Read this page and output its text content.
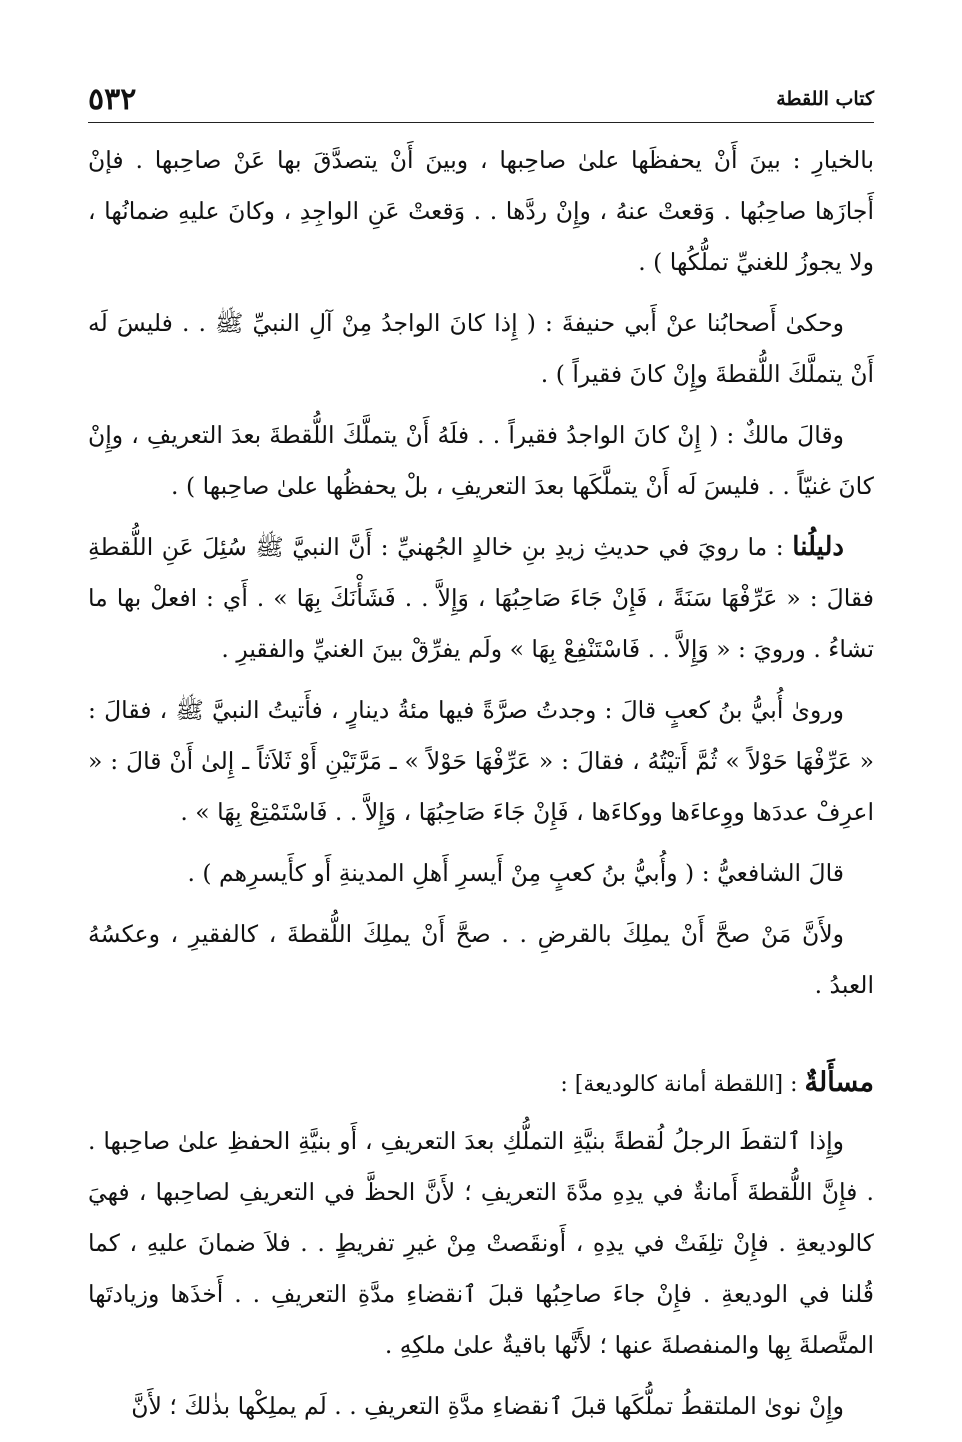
كتاب اللقطة
٥٣٢

بالخيارِ : بينَ أَنْ يحفظَها علىٰ صاحِبها ، وبينَ أَنْ يتصدَّقَ بها عَنْ صاحِبها . فإنْ أَجازَها صاحِبُها . وَقعتْ عنهُ ، وإِنْ ردَّها . . وَقعتْ عَنِ الواجِدِ ، وكانَ عليهِ ضمانُها ، ولا يجوزُ للغنيِّ تملُّكُها ) .

وحكىٰ أَصحابُنا عنْ أَبي حنيفةَ : ( إِذا كانَ الواجدُ مِنْ آلِ النبيِّ ﷺ . . فليسَ لَه أَنْ يتملَّكَ اللُّقطةَ وإِنْ كانَ فقيراً ) .

وقالَ مالكٌ : ( إِنْ كانَ الواجدُ فقيراً . . فلَهُ أَنْ يتملَّكَ اللُّقطةَ بعدَ التعريفِ ، وإِنْ كانَ غنيّاً . . فليسَ لَه أَنْ يتملَّكَها بعدَ التعريفِ ، بلْ يحفظُها علىٰ صاحِبها ) .

دليلُنا : ما رويَ في حديثِ زيدِ بنِ خالدٍ الجُهنيِّ : أَنَّ النبيَّ ﷺ سُئِلَ عَنِ اللُّقطةِ فقالَ : « عَرِّفْهَا سَنَةً ، فَإِنْ جَاءَ صَاحِبُهَا ، وَإِلاَّ . . فَشَأْنَكَ بِهَا » . أَي : افعلْ بها ما تشاءُ . ورويَ : « وَإِلاَّ . . فَاسْتَنْفِعْ بِهَا » ولَم يفرِّقْ بينَ الغنيِّ والفقيرِ .

وروىٰ أُبيُّ بنُ كعبٍ قالَ : وجدتُ صرَّةً فيها مئةُ دينارٍ ، فأَتيتُ النبيَّ ﷺ ، فقالَ : « عَرِّفْهَا حَوْلاً » ثُمَّ أَتيْتُهُ ، فقالَ : « عَرِّفْهَا حَوْلاً » ـ مَرَّتَيْنِ أَوْ ثَلاَثاً ـ إِلىٰ أَنْ قالَ : « اعرِفْ عددَها ووِعاءَها ووكاءَها ، فَإِنْ جَاءَ صَاحِبُهَا ، وَإِلاَّ . . فَاسْتَمْتِعْ بِهَا » .

قالَ الشافعيُّ : ( وأُبيُّ بنُ كعبٍ مِنْ أَيسرِ أَهلِ المدينةِ أَو كأَيسرِهم ) .

ولأَنَّ مَنْ صحَّ أَنْ يملِكَ بالقرضِ . . صحَّ أَنْ يملِكَ اللُّقطةَ ، كالفقيرِ ، وعكسُهُ العبدُ .

مسأَلةٌ : [اللقطة أمانة كالوديعة] :

وإِذا ٱلتقطَ الرجلُ لُقطةً بنيَّةِ التملُّكِ بعدَ التعريفِ ، أَو بنيَّةِ الحفظِ علىٰ صاحِبها . . فإِنَّ اللُّقطةَ أَمانةٌ في يدِهِ مدَّةَ التعريفِ ؛ لأَنَّ الحظَّ في التعريفِ لصاحِبها ، فهيَ كالوديعةِ . فإِنْ تلِفَتْ في يدِهِ ، أَونقَصتْ مِنْ غيرِ تفريطٍ . . فلاَ ضمانَ عليهِ ، كما قُلنا في الوديعةِ . فإِنْ جاءَ صاحِبُها قبلَ ٱنقضاءِ مدَّةِ التعريفِ . . أَخذَها وزيادتَها المتَّصلةَ بِها والمنفصلةَ عنها ؛ لأَنَّها باقيةٌ علىٰ ملكِهِ .

وإِنْ نوىٰ الملتقطُ تملُّكَها قبلَ ٱنقضاءِ مدَّةِ التعريفِ . . لَم يملِكْها بذٰلكَ ؛ لأَنَّ
